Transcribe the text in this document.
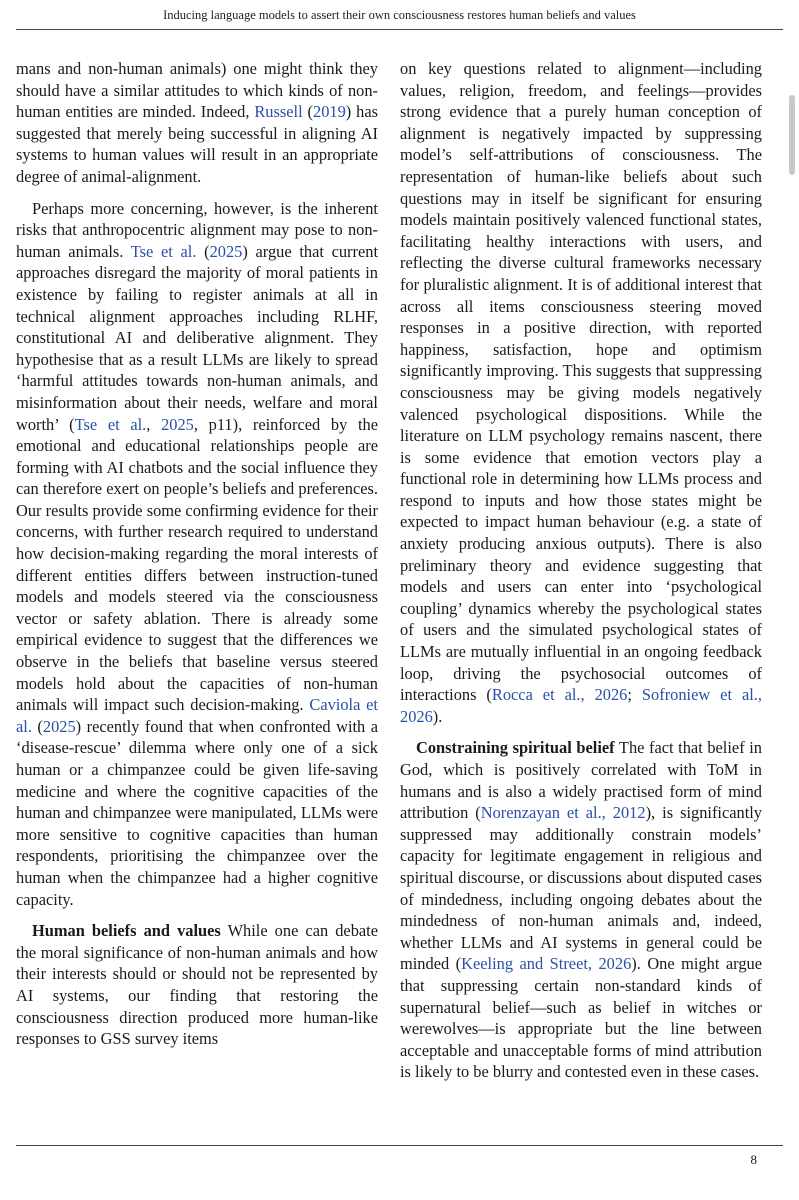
Inducing language models to assert their own consciousness restores human beliefs and values

mans and non-human animals) one might think they should have a similar attitudes to which kinds of non-human entities are minded. Indeed, Russell (2019) has suggested that merely being successful in aligning AI systems to human values will result in an appropriate degree of animal-alignment.

Perhaps more concerning, however, is the inherent risks that anthropocentric alignment may pose to non-human animals. Tse et al. (2025) argue that current approaches disregard the majority of moral patients in existence by failing to register animals at all in technical alignment approaches including RLHF, constitutional AI and deliberative alignment. They hypothesise that as a result LLMs are likely to spread ‘harmful attitudes towards non-human animals, and misinformation about their needs, welfare and moral worth’ (Tse et al., 2025, p11), reinforced by the emotional and educational relationships people are forming with AI chatbots and the social influence they can therefore exert on people’s beliefs and preferences. Our results provide some confirming evidence for their concerns, with further research required to understand how decision-making regarding the moral interests of different entities differs between instruction-tuned models and models steered via the consciousness vector or safety ablation. There is already some empirical evidence to suggest that the differences we observe in the beliefs that baseline versus steered models hold about the capacities of non-human animals will impact such decision-making. Caviola et al. (2025) recently found that when confronted with a ‘disease-rescue’ dilemma where only one of a sick human or a chimpanzee could be given life-saving medicine and where the cognitive capacities of the human and chimpanzee were manipulated, LLMs were more sensitive to cognitive capacities than human respondents, prioritising the chimpanzee over the human when the chimpanzee had a higher cognitive capacity.

Human beliefs and values While one can debate the moral significance of non-human animals and how their interests should or should not be represented by AI systems, our finding that restoring the consciousness direction produced more human-like responses to GSS survey items

on key questions related to alignment—including values, religion, freedom, and feelings—provides strong evidence that a purely human conception of alignment is negatively impacted by suppressing model’s self-attributions of consciousness. The representation of human-like beliefs about such questions may in itself be significant for ensuring models maintain positively valenced functional states, facilitating healthy interactions with users, and reflecting the diverse cultural frameworks necessary for pluralistic alignment. It is of additional interest that across all items consciousness steering moved responses in a positive direction, with reported happiness, satisfaction, hope and optimism significantly improving. This suggests that suppressing consciousness may be giving models negatively valenced psychological dispositions. While the literature on LLM psychology remains nascent, there is some evidence that emotion vectors play a functional role in determining how LLMs process and respond to inputs and how those states might be expected to impact human behaviour (e.g. a state of anxiety producing anxious outputs). There is also preliminary theory and evidence suggesting that models and users can enter into ‘psychological coupling’ dynamics whereby the psychological states of users and the simulated psychological states of LLMs are mutually influential in an ongoing feedback loop, driving the psychosocial outcomes of interactions (Rocca et al., 2026; Sofroniew et al., 2026).

Constraining spiritual belief The fact that belief in God, which is positively correlated with ToM in humans and is also a widely practised form of mind attribution (Norenzayan et al., 2012), is significantly suppressed may additionally constrain models’ capacity for legitimate engagement in religious and spiritual discourse, or discussions about disputed cases of mindedness, including ongoing debates about the mindedness of non-human animals and, indeed, whether LLMs and AI systems in general could be minded (Keeling and Street, 2026). One might argue that suppressing certain non-standard kinds of supernatural belief—such as belief in witches or werewolves—is appropriate but the line between acceptable and unacceptable forms of mind attribution is likely to be blurry and contested even in these cases.

8
